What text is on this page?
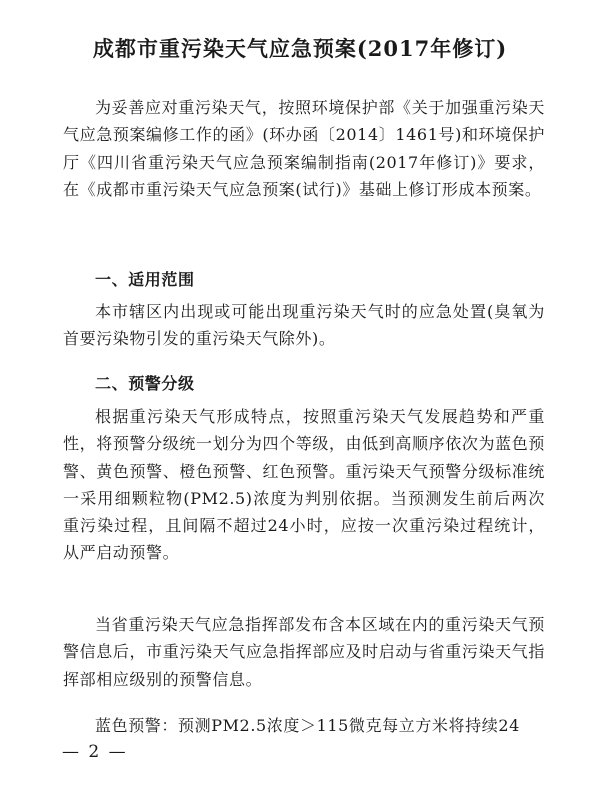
成都市重污染天气应急预案(2017年修订)
为妥善应对重污染天气，按照环境保护部《关于加强重污染天气应急预案编修工作的函》(环办函〔2014〕1461号)和环境保护厅《四川省重污染天气应急预案编制指南(2017年修订)》要求，在《成都市重污染天气应急预案(试行)》基础上修订形成本预案。
一、适用范围
本市辖区内出现或可能出现重污染天气时的应急处置(臭氧为首要污染物引发的重污染天气除外)。
二、预警分级
根据重污染天气形成特点，按照重污染天气发展趋势和严重性，将预警分级统一划分为四个等级，由低到高顺序依次为蓝色预警、黄色预警、橙色预警、红色预警。重污染天气预警分级标准统一采用细颗粒物(PM2.5)浓度为判别依据。当预测发生前后两次重污染过程，且间隔不超过24小时，应按一次重污染过程统计，从严启动预警。
当省重污染天气应急指挥部发布含本区域在内的重污染天气预警信息后，市重污染天气应急指挥部应及时启动与省重污染天气指挥部相应级别的预警信息。
蓝色预警：预测PM2.5浓度＞115微克每立方米将持续24
— 2 —
